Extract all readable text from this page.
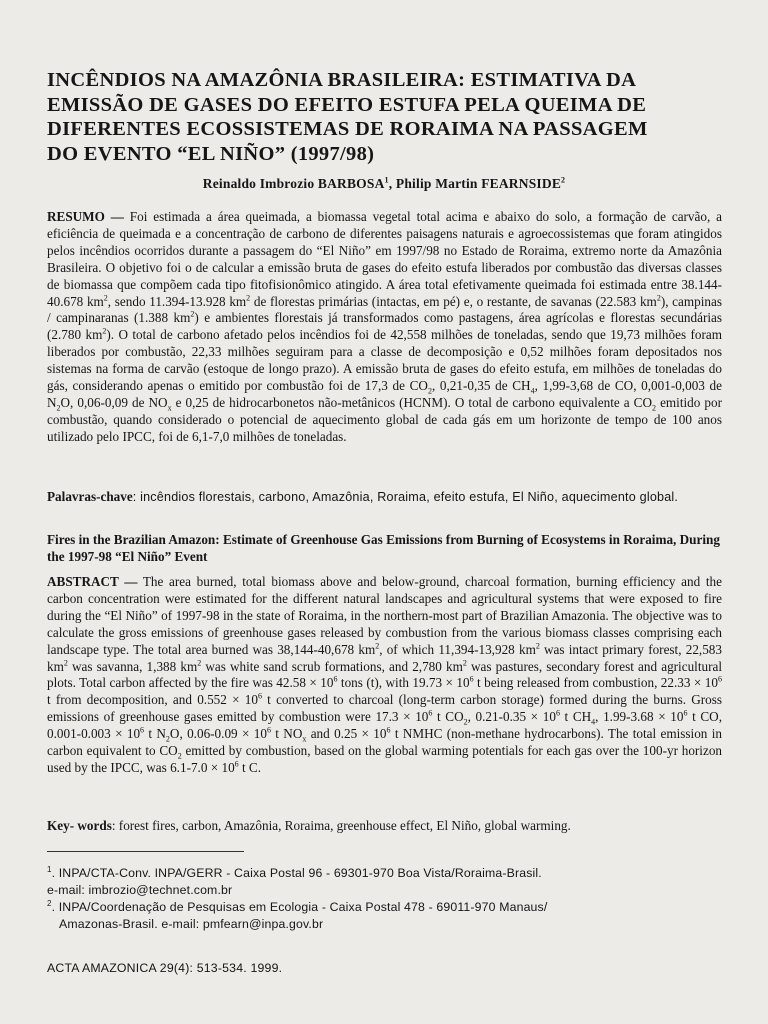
INCÊNDIOS NA AMAZÔNIA BRASILEIRA: ESTIMATIVA DA
EMISSÃO DE GASES DO EFEITO ESTUFA PELA QUEIMA DE
DIFERENTES ECOSSISTEMAS DE RORAIMA NA PASSAGEM
DO EVENTO “EL NIÑO” (1997/98)
Reinaldo Imbrozio BARBOSA$^1$, Philip Martin FEARNSIDE$^2$

RESUMO — Foi estimada a área queimada, a biomassa vegetal total acima e abaixo do solo, a formação de carvão, a eficiência de queimada e a concentração de carbono de diferentes paisagens naturais e agroecossistemas que foram atingidos pelos incêndios ocorridos durante a passagem do “El Niño” em 1997/98 no Estado de Roraima, extremo norte da Amazônia Brasileira. O objetivo foi o de calcular a emissão bruta de gases do efeito estufa liberados por combustão das diversas classes de biomassa que compõem cada tipo fitofisionômico atingido. A área total efetivamente queimada foi estimada entre 38.144-40.678 $km^2$, sendo 11.394-13.928 $km^2$ de florestas primárias (intactas, em pé) e, o restante, de savanas (22.583 $km^2$), campinas / campinaranas (1.388 $km^2$) e ambientes florestais já transformados como pastagens, área agrícolas e florestas secundárias (2.780 $km^2$). O total de carbono afetado pelos incêndios foi de 42,558 milhões de toneladas, sendo que 19,73 milhões foram liberados por combustão, 22,33 milhões seguiram para a classe de decomposição e 0,52 milhões foram depositados nos sistemas na forma de carvão (estoque de longo prazo). A emissão bruta de gases do efeito estufa, em milhões de toneladas do gás, considerando apenas o emitido por combustão foi de 17,3 de $CO_2$, 0,21-0,35 de $CH_4$, 1,99-3,68 de CO, 0,001-0,003 de $N_2O$, 0,06-0,09 de $NO_x$ e 0,25 de hidrocarbonetos não-metânicos (HCNM). O total de carbono equivalente a $CO_2$ emitido por combustão, quando considerado o potencial de aquecimento global de cada gás em um horizonte de tempo de 100 anos utilizado pelo IPCC, foi de 6,1-7,0 milhões de toneladas.

Palavras-chave: incêndios florestais, carbono, Amazônia, Roraima, efeito estufa, El Niño, aquecimento global.

Fires in the Brazilian Amazon: Estimate of Greenhouse Gas Emissions from Burning of Ecosystems in Roraima, During the 1997-98 “El Niño” Event

ABSTRACT — The area burned, total biomass above and below-ground, charcoal formation, burning efficiency and the carbon concentration were estimated for the different natural landscapes and agricultural systems that were exposed to fire during the “El Niño” of 1997-98 in the state of Roraima, in the northern-most part of Brazilian Amazonia. The objective was to calculate the gross emissions of greenhouse gases released by combustion from the various biomass classes comprising each landscape type. The total area burned was 38,144-40,678 $km^2$, of which 11,394-13,928 $km^2$ was intact primary forest, 22,583 $km^2$ was savanna, 1,388 $km^2$ was white sand scrub formations, and 2,780 $km^2$ was pastures, secondary forest and agricultural plots. Total carbon affected by the fire was $42.58 \times 10^6$ tons (t), with $19.73 \times 10^6$ t being released from combustion, $22.33 \times 10^6$ t from decomposition, and $0.552 \times 10^6$ t converted to charcoal (long-term carbon storage) formed during the burns. Gross emissions of greenhouse gases emitted by combustion were $17.3 \times 10^6$ t $CO_2$, $0.21-0.35 \times 10^6$ t $CH_4$, $1.99-3.68 \times 10^6$ t CO, $0.001-0.003 \times 10^6$ t $N_2O$, $0.06-0.09 \times 10^6$ t $NO_x$ and $0.25 \times 10^6$ t NMHC (non-methane hydrocarbons). The total emission in carbon equivalent to $CO_2$ emitted by combustion, based on the global warming potentials for each gas over the 100-yr horizon used by the IPCC, was $6.1-7.0 \times 10^6$ t C.

Key- words: forest fires, carbon, Amazônia, Roraima, greenhouse effect, El Niño, global warming.

$^1$. INPA/CTA-Conv. INPA/GERR - Caixa Postal 96 - 69301-970 Boa Vista/Roraima-Brasil.
e-mail: imbrozio@technet.com.br
$^2$. INPA/Coordenação de Pesquisas em Ecologia - Caixa Postal 478 - 69011-970 Manaus/
Amazonas-Brasil. e-mail: pmfearn@inpa.gov.br
ACTA AMAZONICA 29(4): 513-534. 1999.
